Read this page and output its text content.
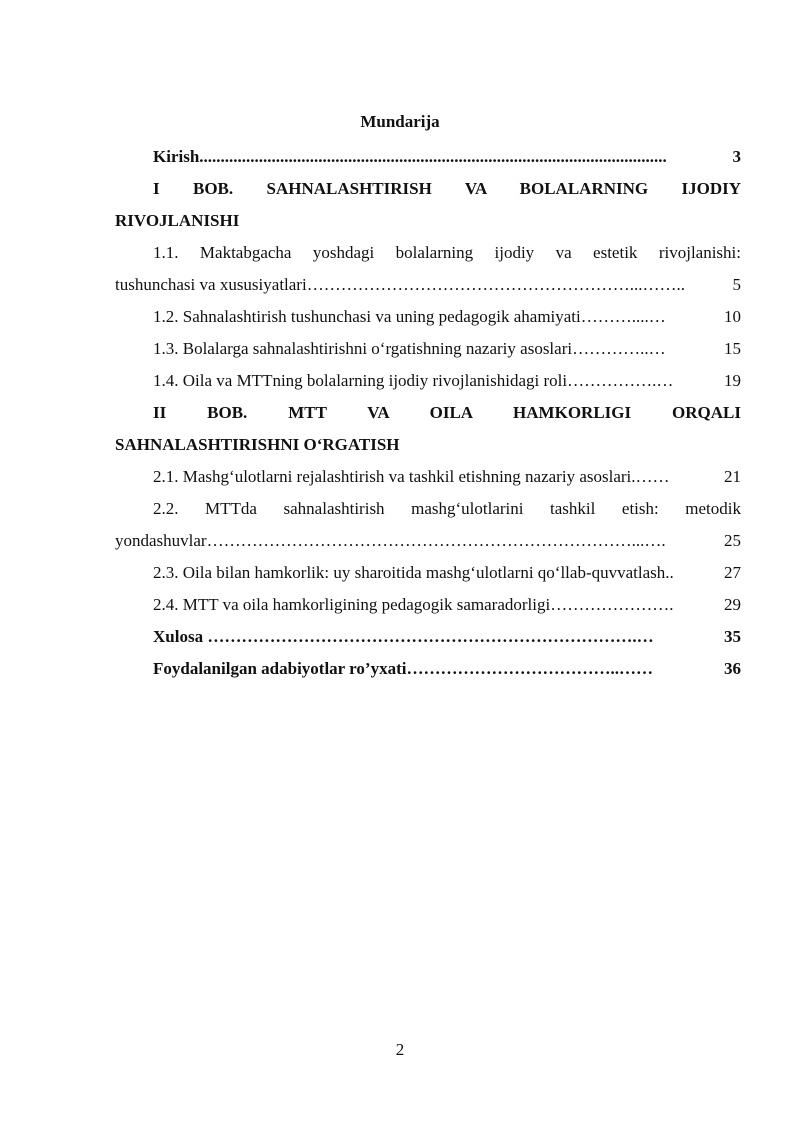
Mundarija
Kirish ..............................................................................................................	3
I BOB. SAHNALASHTIRISH VA BOLALARNING IJODIY
RIVOJLANISHI
1.1. Maktabgacha yoshdagi bolalarning ijodiy va estetik rivojlanishi:
tushunchasi va xususiyatlari …………………………………………………...……..	5
1.2. Sahnalashtirish tushunchasi va uning pedagogik ahamiyati ………....…	10
1.3. Bolalarga sahnalashtirishni o‘rgatishning nazariy asoslari …………..…	15
1.4. Oila va MTTning bolalarning ijodiy rivojlanishidagi roli …………….…	19
II BOB. MTT VA OILA HAMKORLIGI ORQALI
SAHNALASHTIRISHNI O‘RGATISH
2.1. Mashg‘ulotlarni rejalashtirish va tashkil etishning nazariy asoslari .……	21
2.2. MTTda sahnalashtirish mashg‘ulotlarini tashkil etish: metodik
yondashuvlar …………………………………………………………………...….	25
2.3. Oila bilan hamkorlik: uy sharoitida mashg‘ulotlarni qo‘llab-quvvatlash ..	27
2.4. MTT va oila hamkorligining pedagogik samaradorligi ………………….	29
Xulosa ………………………………………………………………….…	35
Foydalanilgan adabiyotlar ro’yxati ………………………………..……	36
2
